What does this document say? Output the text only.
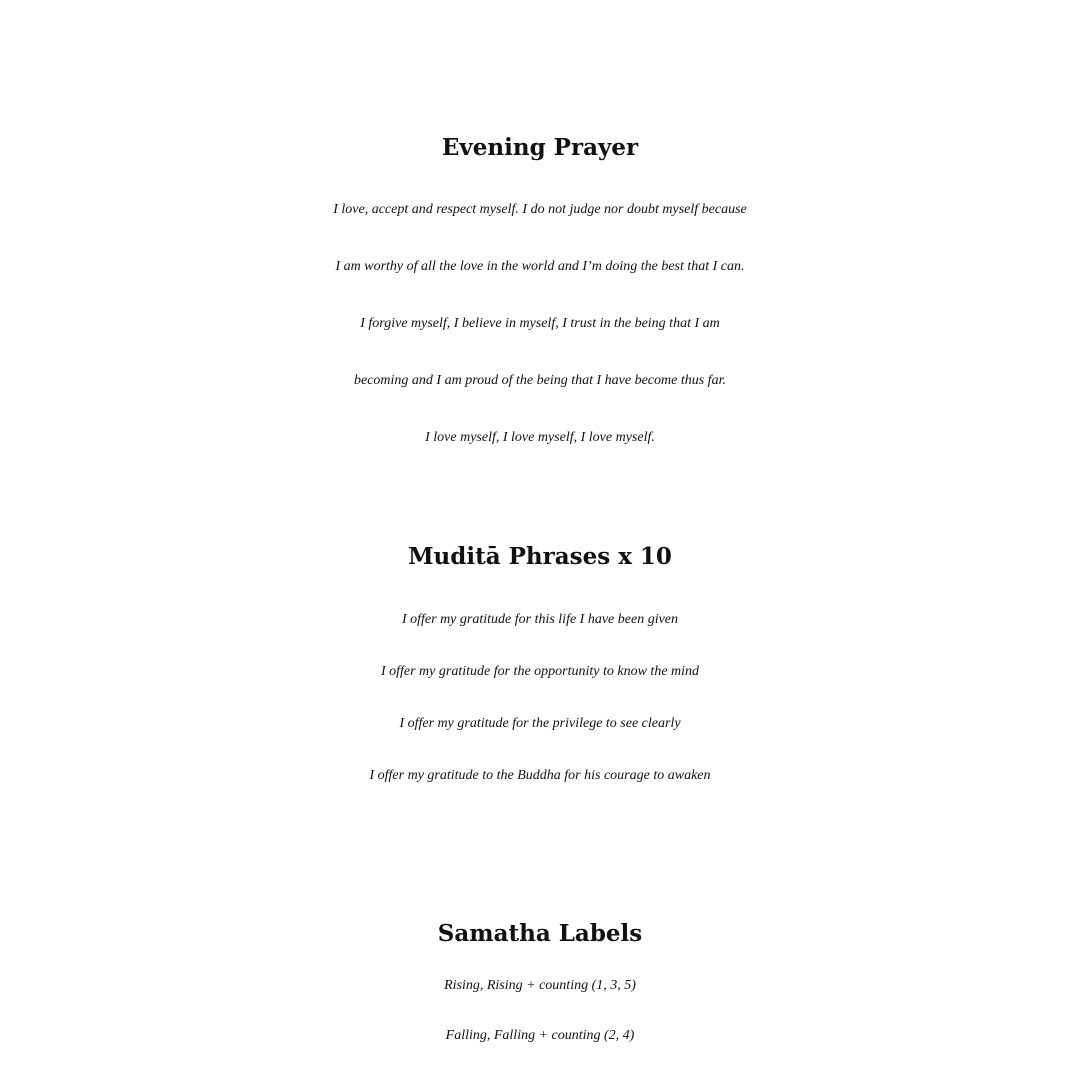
Evening Prayer
I love, accept and respect myself. I do not judge nor doubt myself because
I am worthy of all the love in the world and I’m doing the best that I can.
I forgive myself, I believe in myself, I trust in the being that I am
becoming and I am proud of the being that I have become thus far.
I love myself, I love myself, I love myself.
Muditā Phrases x 10
I offer my gratitude for this life I have been given
I offer my gratitude for the opportunity to know the mind
I offer my gratitude for the privilege to see clearly
I offer my gratitude to the Buddha for his courage to awaken
Samatha Labels
Rising, Rising + counting (1, 3, 5)
Falling, Falling + counting (2, 4)
